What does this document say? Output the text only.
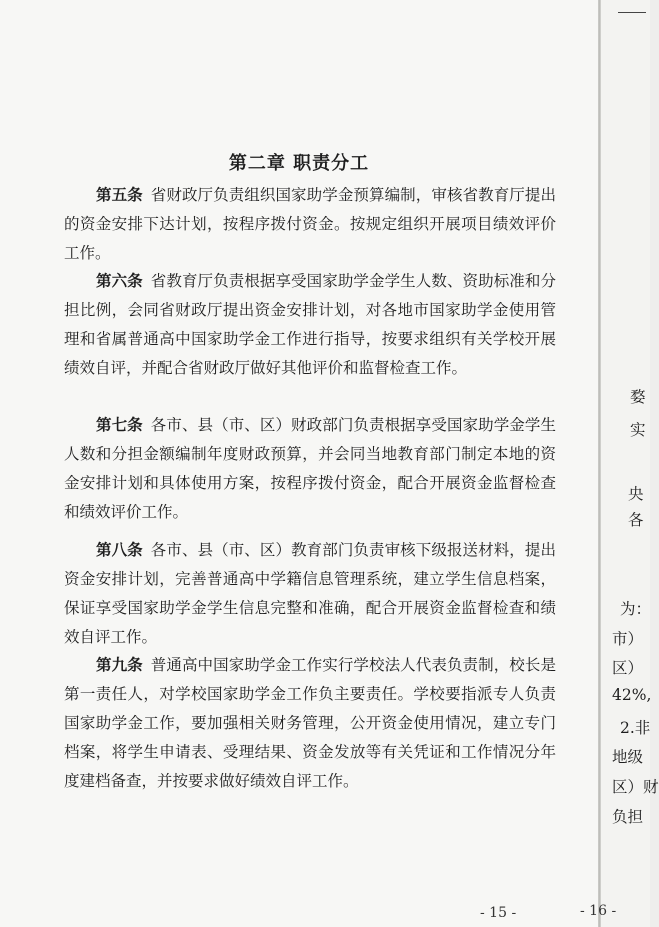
第二章 职责分工

第五条 省财政厅负责组织国家助学金预算编制，审核省教育厅提出的资金安排下达计划，按程序拨付资金。按规定组织开展项目绩效评价工作。

第六条 省教育厅负责根据享受国家助学金学生人数、资助标准和分担比例，会同省财政厅提出资金安排计划，对各地市国家助学金使用管理和省属普通高中国家助学金工作进行指导，按要求组织有关学校开展绩效自评，并配合省财政厅做好其他评价和监督检查工作。

第七条 各市、县（市、区）财政部门负责根据享受国家助学金学生人数和分担金额编制年度财政预算，并会同当地教育部门制定本地的资金安排计划和具体使用方案，按程序拨付资金，配合开展资金监督检查和绩效评价工作。

第八条 各市、县（市、区）教育部门负责审核下级报送材料，提出资金安排计划，完善普通高中学籍信息管理系统，建立学生信息档案，保证享受国家助学金学生信息完整和准确，配合开展资金监督检查和绩效自评工作。

第九条 普通高中国家助学金工作实行学校法人代表负责制，校长是第一责任人，对学校国家助学金工作负主要责任。学校要指派专人负责国家助学金工作，要加强相关财务管理，公开资金使用情况，建立专门档案，将学生申请表、受理结果、资金发放等有关凭证和工作情况分年度建档备查，并按要求做好绩效自评工作。

- 15 -	- 16 -
婺
实
央
各
为：
市）
区）
42%,
2.非
地级
区）财
负担
